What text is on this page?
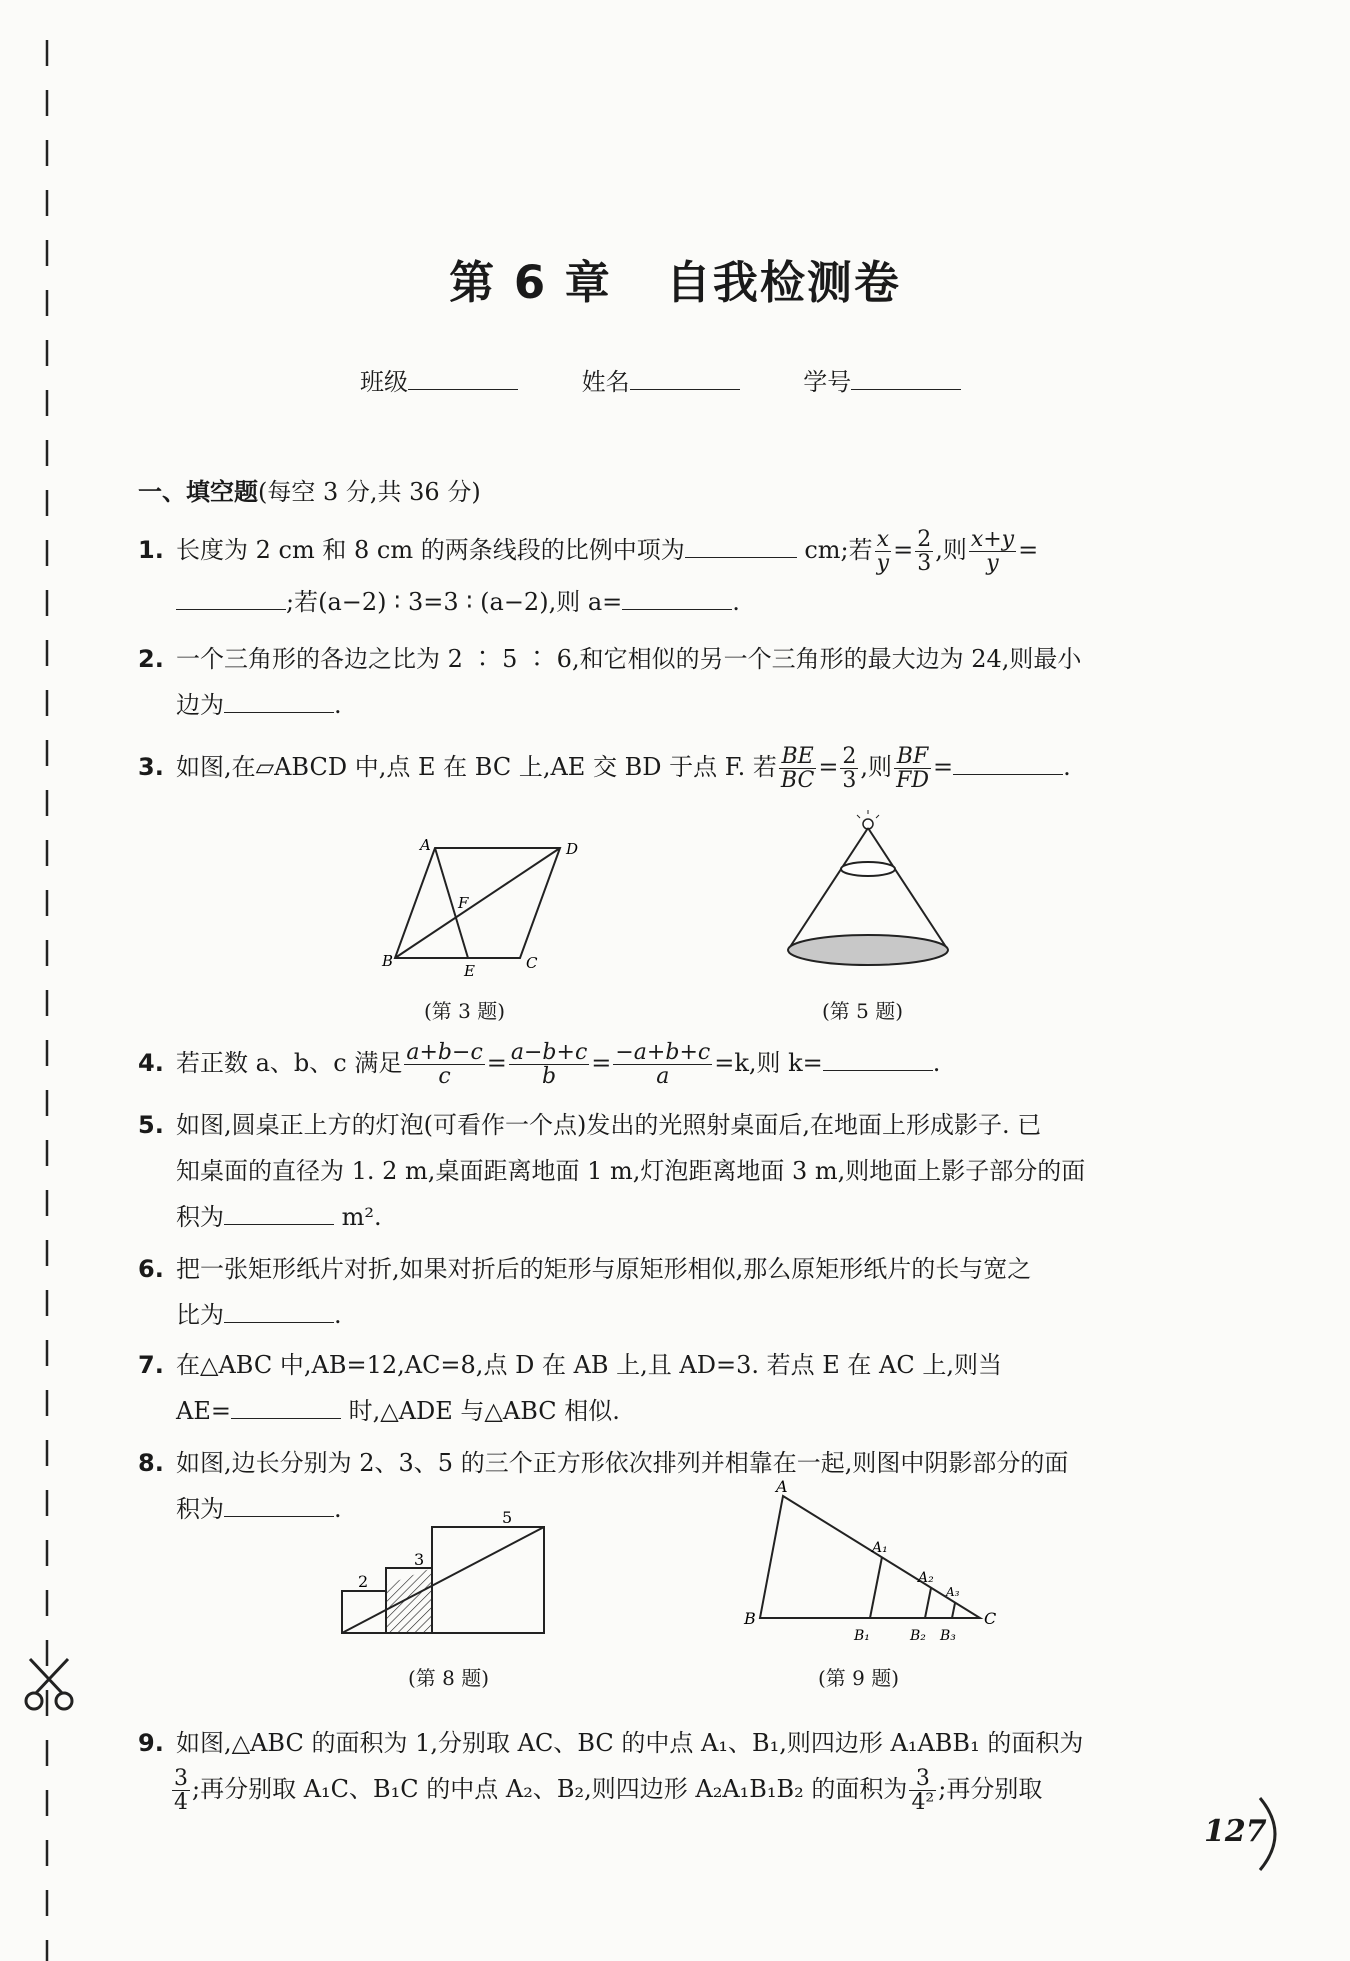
第 6 章 自我检测卷
班级	姓名	学号
一、填空题(每空 3 分,共 36 分)
1. 长度为 2 cm 和 8 cm 的两条线段的比例中项为	cm;若 $\frac{x}{y} = \frac{2}{3}$ ,则 $\frac{x+y}{y}$ =
;若(a−2) ∶ 3=3 ∶ (a−2),则 a=	.
2. 一个三角形的各边之比为 2 ∶ 5 ∶ 6,和它相似的另一个三角形的最大边为 24,则最小
边为	.
3. 如图,在▱ABCD 中,点 E 在 BC 上,AE 交 BD 于点 F. 若 $\frac{BE}{BC} = \frac{2}{3}$ ,则 $\frac{BF}{FD}$ =	.
A	D
B	C
E
F
(第 3 题)	(第 5 题)
4. 若正数 a、b、c 满足 $\frac{a+b-c}{c} = \frac{a-b+c}{b} = \frac{-a+b+c}{a} =k$,则 k=	.
5. 如图,圆桌正上方的灯泡(可看作一个点)发出的光照射桌面后,在地面上形成影子. 已
知桌面的直径为 1. 2 m,桌面距离地面 1 m,灯泡距离地面 3 m,则地面上影子部分的面
积为	m².
6. 把一张矩形纸片对折,如果对折后的矩形与原矩形相似,那么原矩形纸片的长与宽之
比为	.
7. 在△ABC 中,AB=12,AC=8,点 D 在 AB 上,且 AD=3. 若点 E 在 AC 上,则当
AE=	时,△ADE 与△ABC 相似.
8. 如图,边长分别为 2、3、5 的三个正方形依次排列并相靠在一起,则图中阴影部分的面
积为	.
2
3
5
(第 8 题)
A
B	C
A₁
A₂
A₃
B₁	B₂ B₃
(第 9 题)
9. 如图,△ABC 的面积为 1,分别取 AC、BC 的中点 A₁、B₁,则四边形 A₁ABB₁ 的面积为
$\frac{3}{4}$ ;再分别取 A₁C、B₁C 的中点 A₂、B₂,则四边形 A₂A₁B₁B₂ 的面积为 $\frac{3}{\text{4²}}$ ;再分别取
127
